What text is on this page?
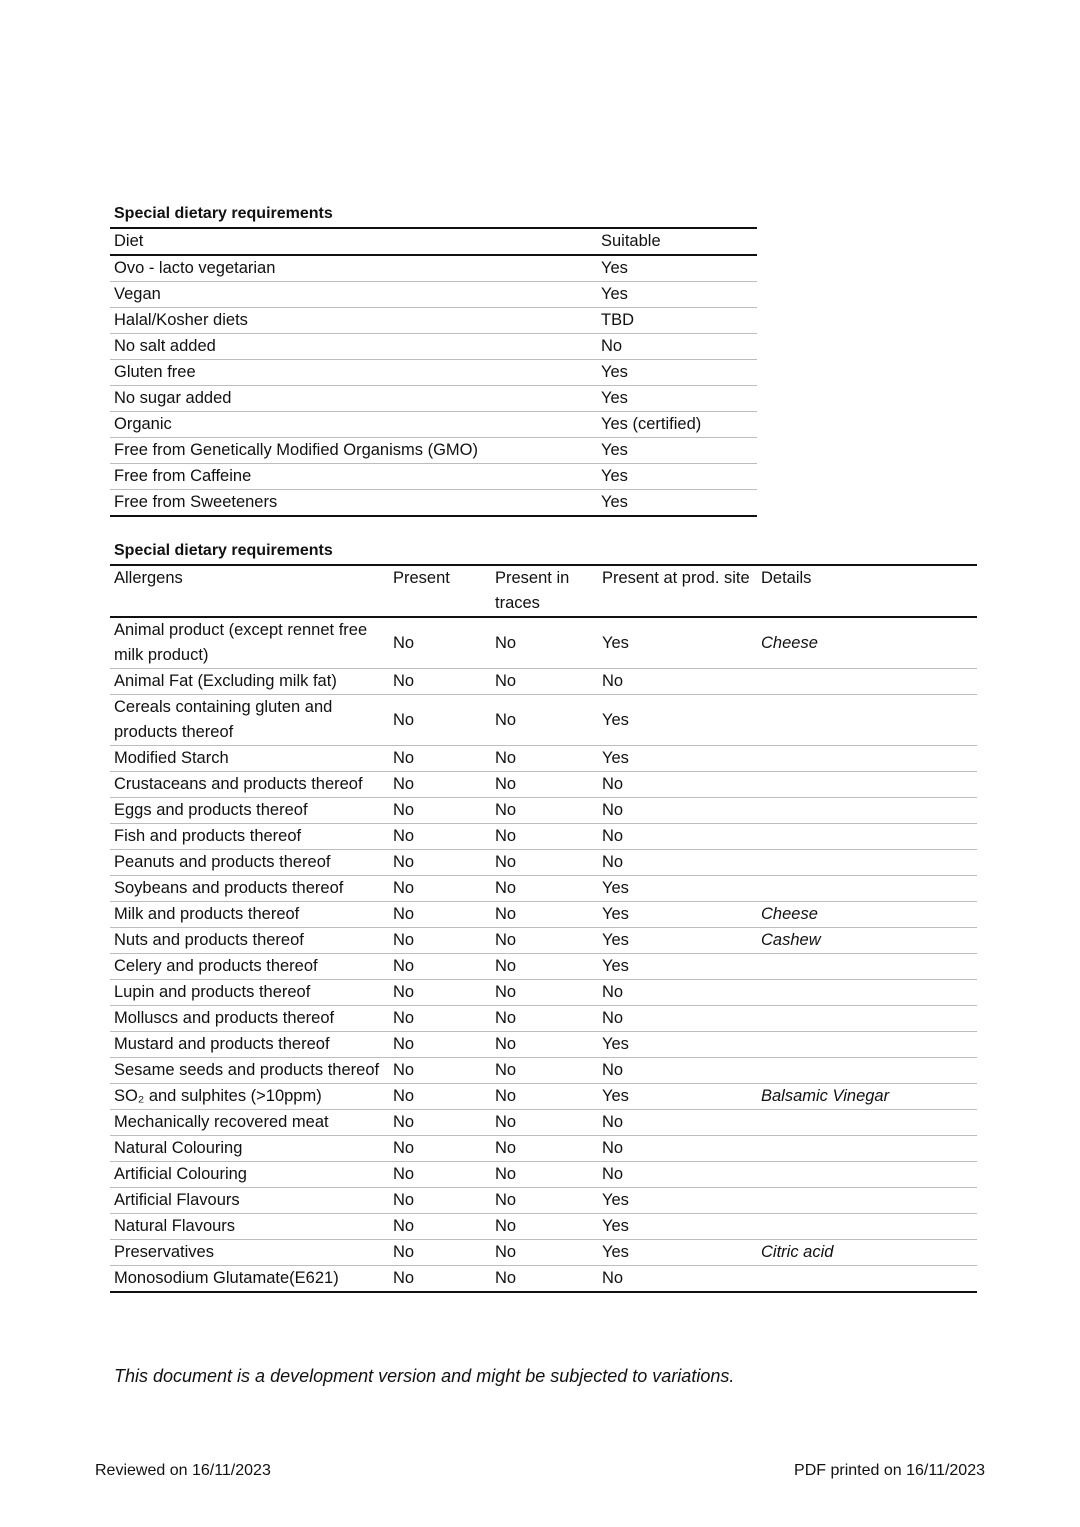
Special dietary requirements
Diet	Suitable
Ovo - lacto vegetarian	Yes
Vegan	Yes
Halal/Kosher diets	TBD
No salt added	No
Gluten free	Yes
No sugar added	Yes
Organic	Yes (certified)
Free from Genetically Modified Organisms (GMO)	Yes
Free from Caffeine	Yes
Free from Sweeteners	Yes
Special dietary requirements
Allergens	Present	Present in traces	Present at prod. site	Details
Animal product (except rennet free milk product)	No	No	Yes	Cheese
Animal Fat (Excluding milk fat)	No	No	No	
Cereals containing gluten and products thereof	No	No	Yes	
Modified Starch	No	No	Yes	
Crustaceans and products thereof	No	No	No	
Eggs and products thereof	No	No	No	
Fish and products thereof	No	No	No	
Peanuts and products thereof	No	No	No	
Soybeans and products thereof	No	No	Yes	
Milk and products thereof	No	No	Yes	Cheese
Nuts and products thereof	No	No	Yes	Cashew
Celery and products thereof	No	No	Yes	
Lupin and products thereof	No	No	No	
Molluscs and products thereof	No	No	No	
Mustard and products thereof	No	No	Yes	
Sesame seeds and products thereof	No	No	No	
SO₂ and sulphites (>10ppm)	No	No	Yes	Balsamic Vinegar
Mechanically recovered meat	No	No	No	
Natural Colouring	No	No	No	
Artificial Colouring	No	No	No	
Artificial Flavours	No	No	Yes	
Natural Flavours	No	No	Yes	
Preservatives	No	No	Yes	Citric acid
Monosodium Glutamate(E621)	No	No	No	
This document is a development version and might be subjected to variations.
Reviewed on 16/11/2023	PDF printed on 16/11/2023
